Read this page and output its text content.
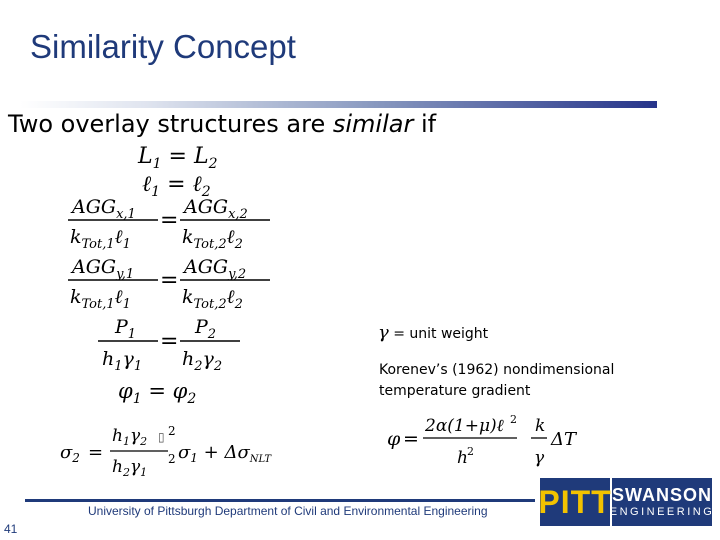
Similarity Concept
Two overlay structures are similar if
$L_1 = L_2$
ℓ$_1$ = ℓ$_2$
$AGG_{x,1}$
$k_{Tot,1}\ell_1$
=
$AGG_{x,2}$
$k_{Tot,2}\ell_2$
$AGG_{y,1}$
$k_{Tot,1}\ell_1$
=
$AGG_{y,2}$
$k_{Tot,2}\ell_2$
$P_1$
$h_1\gamma_1$
=
$P_2$
$h_2\gamma_2$
$\varphi_1 = \varphi_2$
$\sigma_2$ =
$h_1\gamma_2$ ▯ 2
$h_2\gamma_1$
2 $\sigma_1 + \Delta\sigma_{NLT}$
γ = unit weight
Korenev’s (1962) nondimensional
temperature gradient
φ =
2α(1+μ)ℓ 2
h 2
k
γ
ΔT
University of Pittsburgh Department of Civil and Environmental Engineering
41
PITT SWANSON
ENGINEERING
